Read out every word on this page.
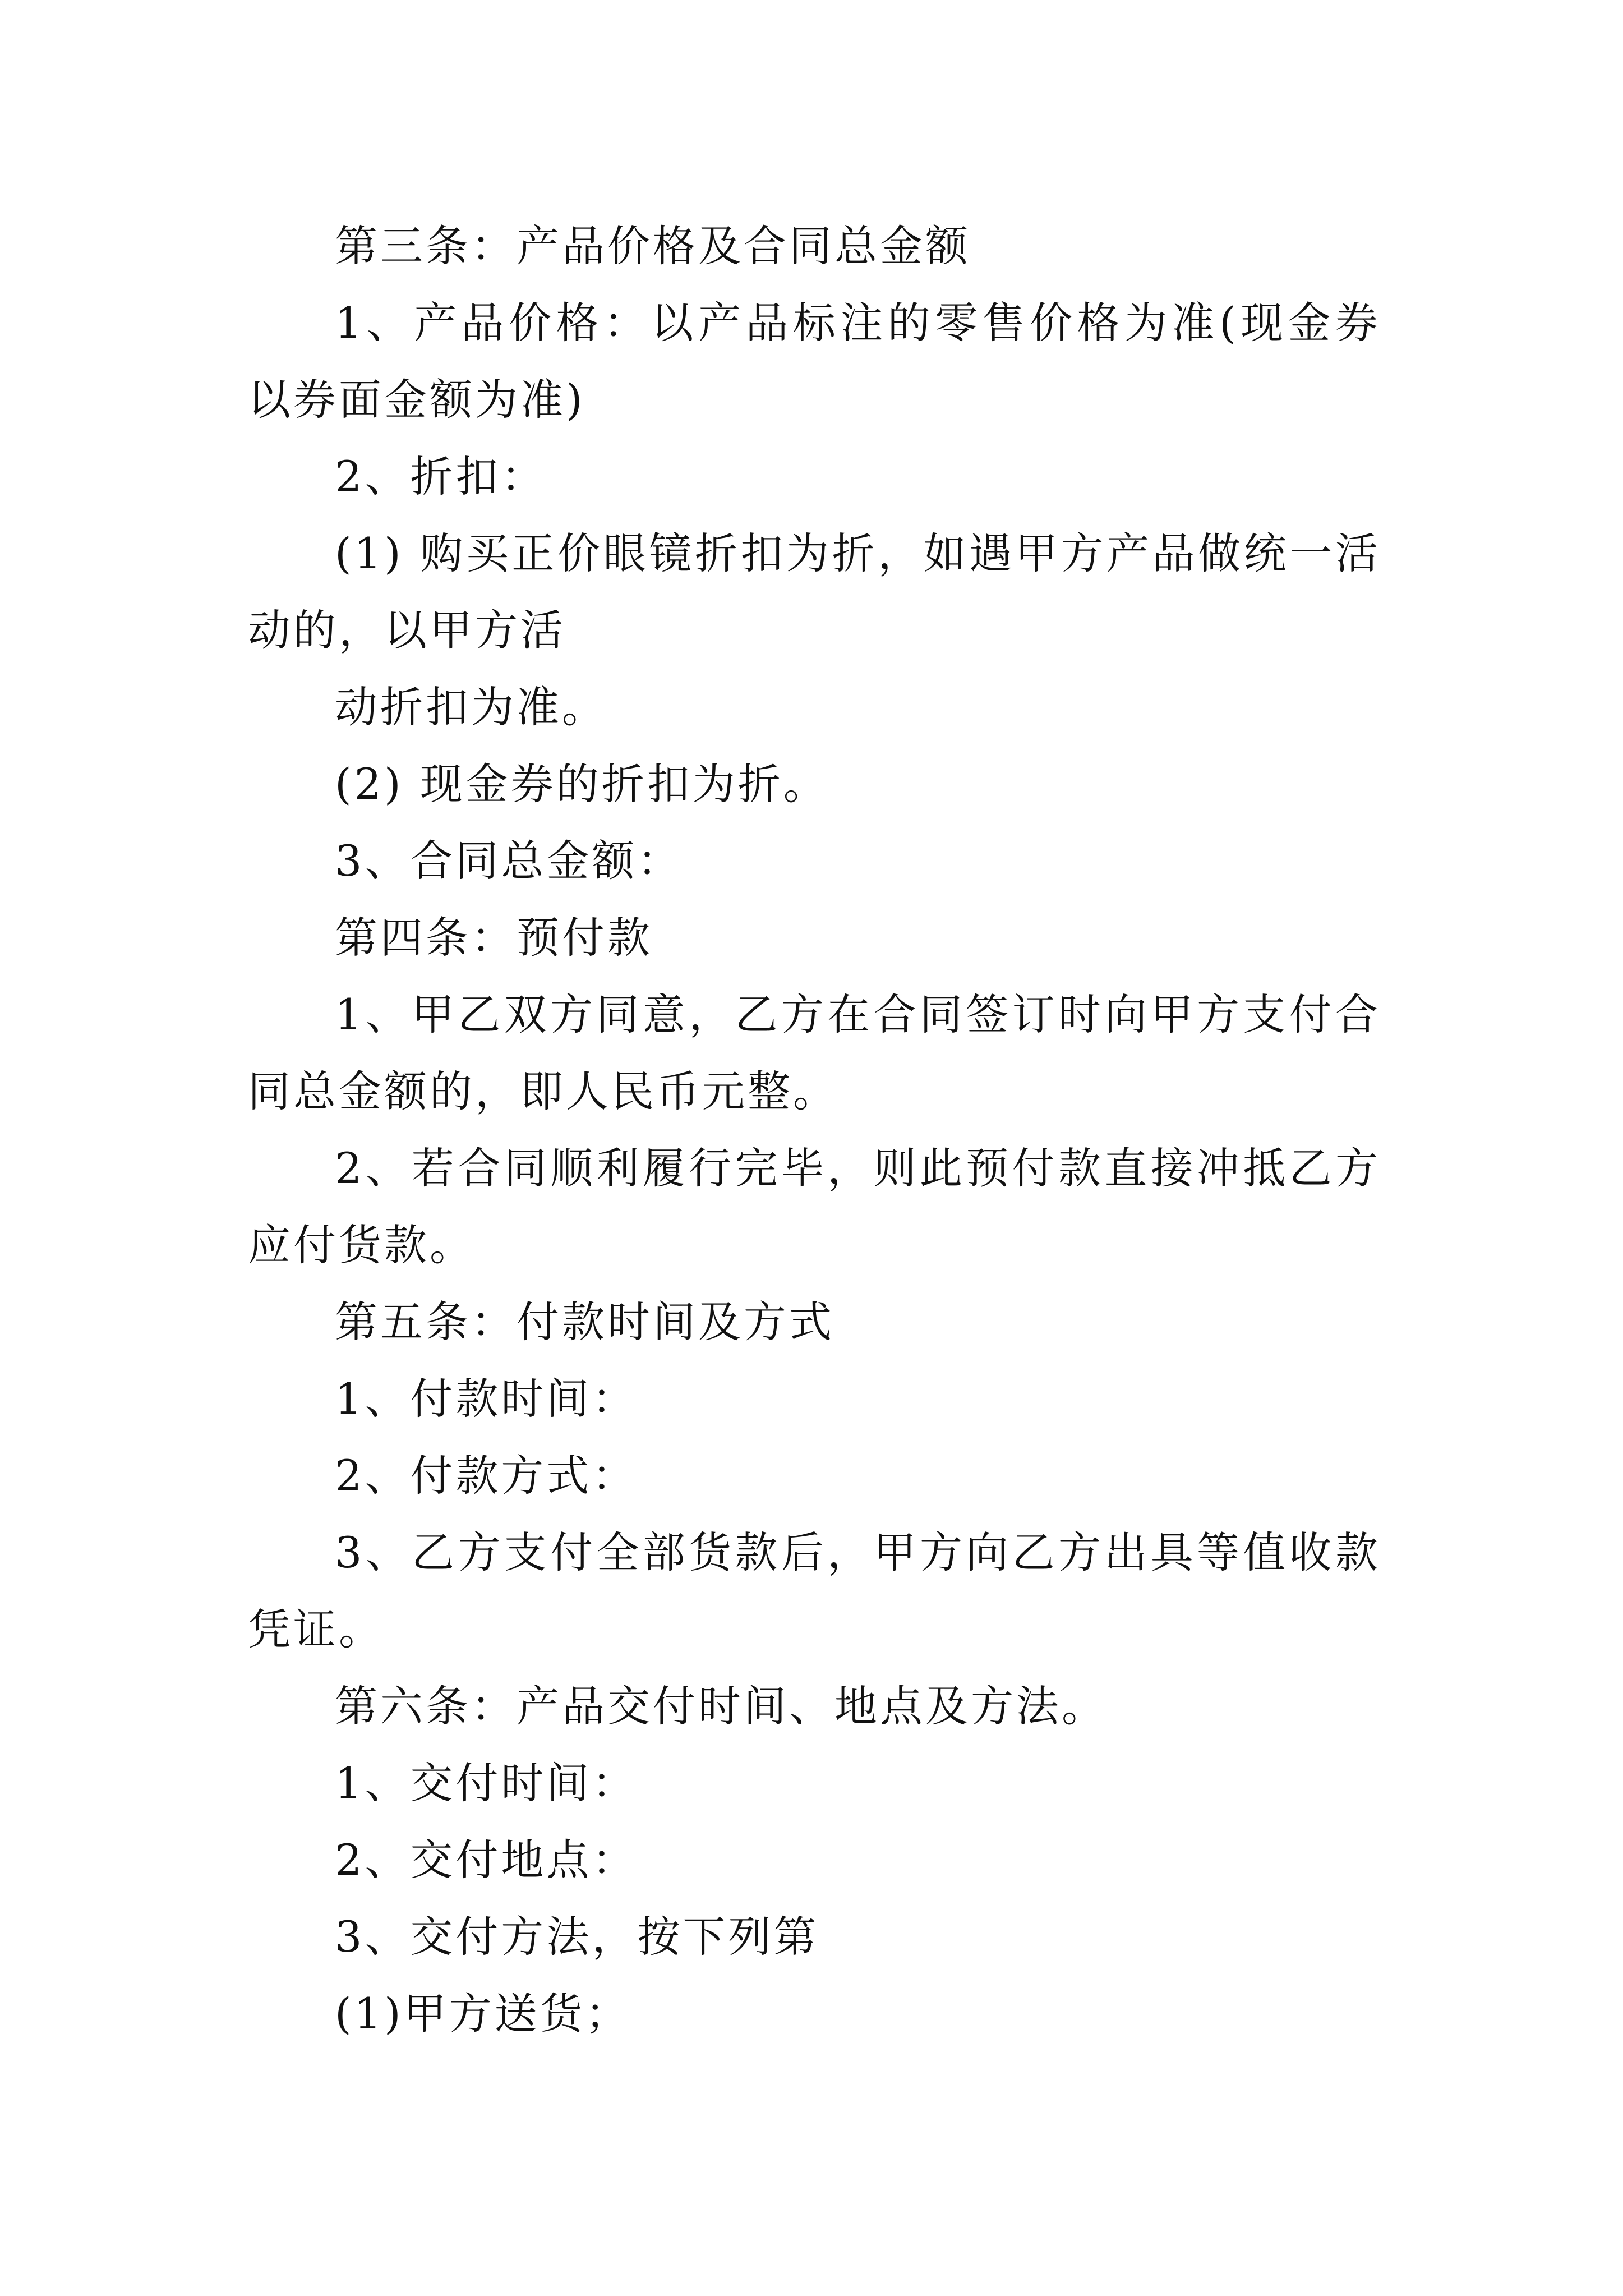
第三条：产品价格及合同总金额

1、产品价格：以产品标注的零售价格为准(现金券以券面金额为准)

2、折扣：

(1) 购买正价眼镜折扣为折，如遇甲方产品做统一活动的，以甲方活

动折扣为准。

(2) 现金券的折扣为折。

3、合同总金额：

第四条：预付款

1、甲乙双方同意，乙方在合同签订时向甲方支付合同总金额的，即人民币元整。

2、若合同顺利履行完毕，则此预付款直接冲抵乙方应付货款。

第五条：付款时间及方式

1、付款时间：

2、付款方式：

3、乙方支付全部货款后，甲方向乙方出具等值收款凭证。

第六条：产品交付时间、地点及方法。

1、交付时间：

2、交付地点：

3、交付方法，按下列第

(1)甲方送货；
